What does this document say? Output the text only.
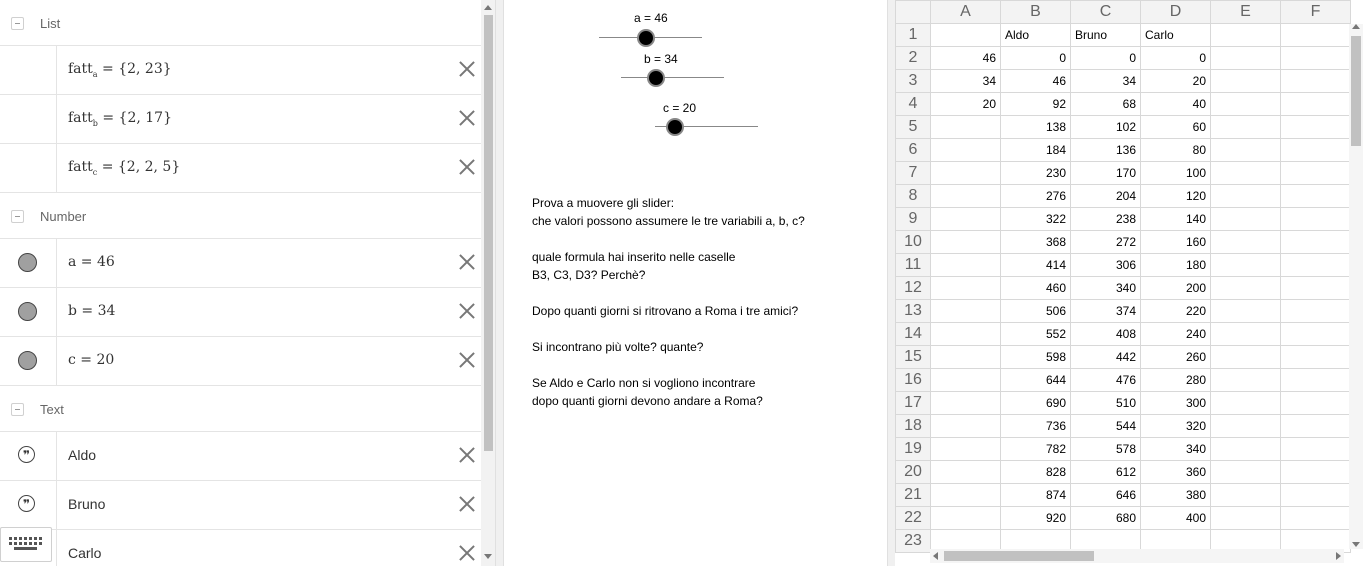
List
fatt$_a$ = {2, 23}
fatt$_b$ = {2, 17}
fatt$_c$ = {2, 2, 5}
Number
a = 46
b = 34
c = 20
Text
❞	Aldo
❞	Bruno
Carlo
a = 46
b = 34
c = 20

Prova a muovere gli slider:

che valori possono assumere le tre variabili a, b, c?

quale formula hai inserito nelle caselle

B3, C3, D3? Perchè?

Dopo quanti giorni si ritrovano a Roma i tre amici?

Si incontrano più volte? quante?

Se Aldo e Carlo non si vogliono incontrare

dopo quanti giorni devono andare a Roma?

	A	B	C	D	E	F
1		Aldo	Bruno	Carlo		
2	46	0	0	0		
3	34	46	34	20		
4	20	92	68	40		
5		138	102	60		
6		184	136	80		
7		230	170	100		
8		276	204	120		
9		322	238	140		
10		368	272	160		
11		414	306	180		
12		460	340	200		
13		506	374	220		
14		552	408	240		
15		598	442	260		
16		644	476	280		
17		690	510	300		
18		736	544	320		
19		782	578	340		
20		828	612	360		
21		874	646	380		
22		920	680	400		
23						
